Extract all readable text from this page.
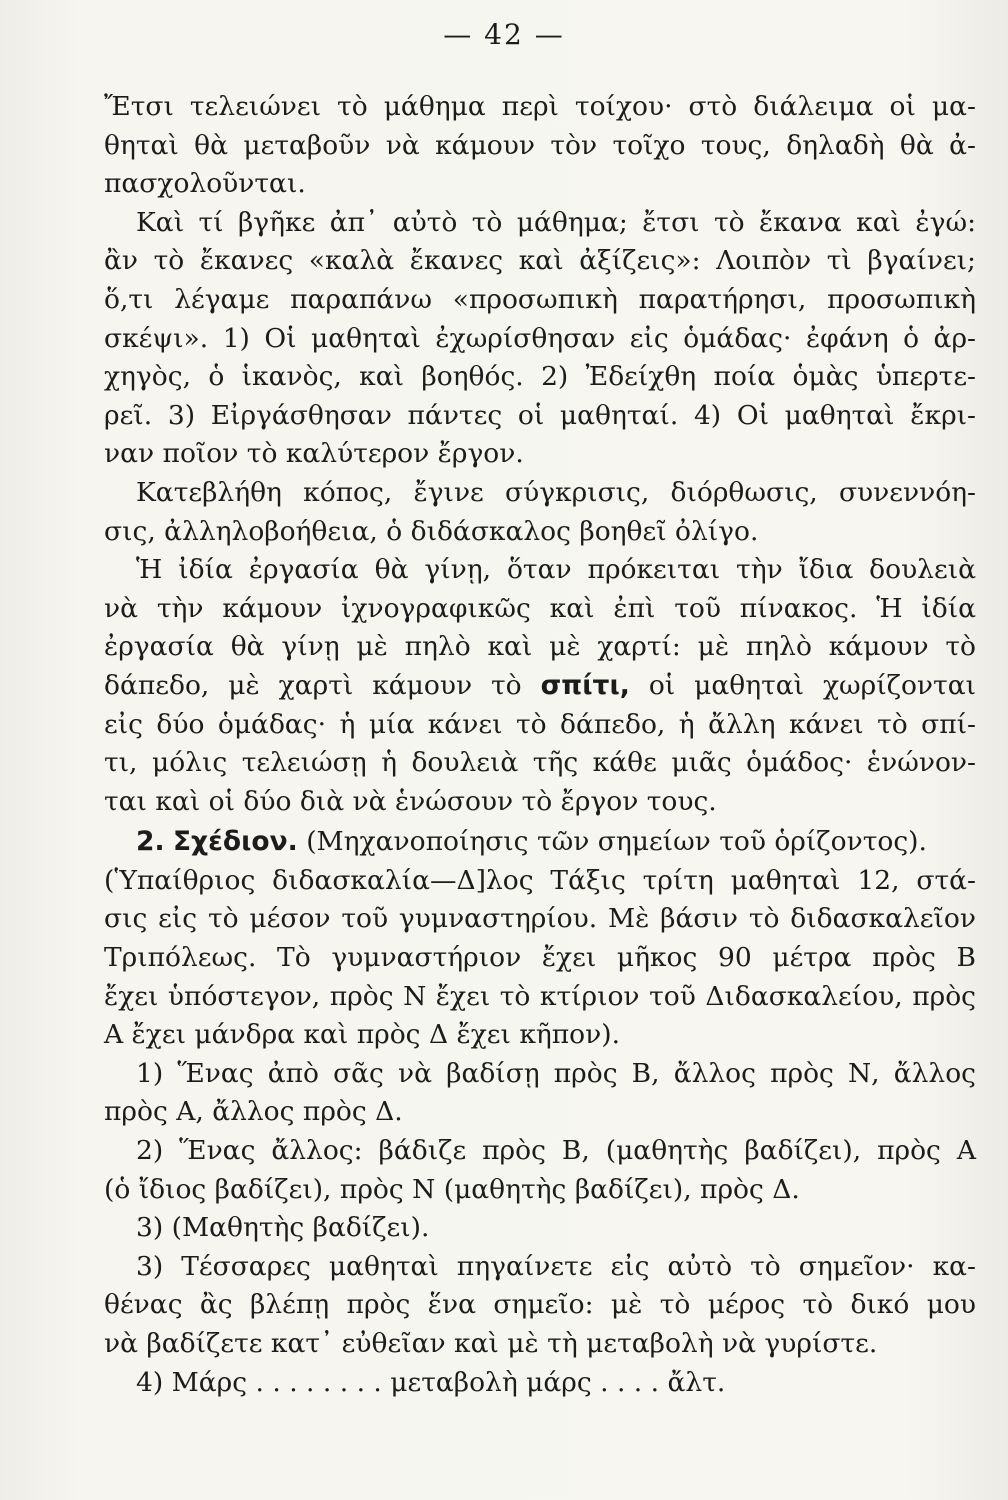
— 42 —
Ἔτσι τελειώνει τὸ μάθημα περὶ τοίχου· στὸ διάλειμα οἱ μα-
θηταὶ θὰ μεταβοῦν νὰ κάμουν τὸν τοῖχο τους, δηλαδὴ θὰ ἀ-
πασχολοῦνται.
Καὶ τί βγῆκε ἀπ᾽ αὐτὸ τὸ μάθημα; ἔτσι τὸ ἔκανα καὶ ἐγώ:
ἂν τὸ ἔκανες «καλὰ ἔκανες καὶ ἀξίζεις»: Λοιπὸν τὶ βγαίνει;
ὅ,τι λέγαμε παραπάνω «προσωπικὴ παρατήρησι, προσωπικὴ
σκέψι». 1) Οἱ μαθηταὶ ἐχωρίσθησαν εἰς ὁμάδας· ἐφάνη ὁ ἀρ-
χηγὸς, ὁ ἱκανὸς, καὶ βοηθός. 2) Ἐδείχθη ποία ὁμὰς ὑπερτε-
ρεῖ. 3) Εἰργάσθησαν πάντες οἱ μαθηταί. 4) Οἱ μαθηταὶ ἔκρι-
ναν ποῖον τὸ καλύτερον ἔργον.
Κατεβλήθη κόπος, ἔγινε σύγκρισις, διόρθωσις, συνεννόη-
σις, ἀλληλοβοήθεια, ὁ διδάσκαλος βοηθεῖ ὀλίγο.
Ἡ ἰδία ἐργασία θὰ γίνῃ, ὅταν πρόκειται τὴν ἴδια δουλειὰ
νὰ τὴν κάμουν ἰχνογραφικῶς καὶ ἐπὶ τοῦ πίνακος. Ἡ ἰδία
ἐργασία θὰ γίνῃ μὲ πηλὸ καὶ μὲ χαρτί: μὲ πηλὸ κάμουν τὸ
δάπεδο, μὲ χαρτὶ κάμουν τὸ σπίτι, οἱ μαθηταὶ χωρίζονται
εἰς δύο ὁμάδας· ἡ μία κάνει τὸ δάπεδο, ἡ ἄλλη κάνει τὸ σπί-
τι, μόλις τελειώσῃ ἡ δουλειὰ τῆς κάθε μιᾶς ὁμάδος· ἑνώνον-
ται καὶ οἱ δύο διὰ νὰ ἑνώσουν τὸ ἔργον τους.
2. Σχέδιον. (Μηχανοποίησις τῶν σημείων τοῦ ὁρίζοντος).
(Ὑπαίθριος διδασκαλία—Δ]λος Τάξις τρίτη μαθηταὶ 12, στά-
σις εἰς τὸ μέσον τοῦ γυμναστηρίου. Μὲ βάσιν τὸ διδασκαλεῖον
Τριπόλεως. Τὸ γυμναστήριον ἔχει μῆκος 90 μέτρα πρὸς Β
ἔχει ὑπόστεγον, πρὸς Ν ἔχει τὸ κτίριον τοῦ Διδασκαλείου, πρὸς
Α ἔχει μάνδρα καὶ πρὸς Δ ἔχει κῆπον).
1) Ἕνας ἀπὸ σᾶς νὰ βαδίσῃ πρὸς Β, ἄλλος πρὸς Ν, ἄλλος
πρὸς Α, ἄλλος πρὸς Δ.
2) Ἕνας ἄλλος: βάδιζε πρὸς Β, (μαθητὴς βαδίζει), πρὸς Α
(ὁ ἴδιος βαδίζει), πρὸς Ν (μαθητὴς βαδίζει), πρὸς Δ.
3) (Μαθητὴς βαδίζει).
3) Τέσσαρες μαθηταὶ πηγαίνετε εἰς αὐτὸ τὸ σημεῖον· κα-
θένας ἂς βλέπῃ πρὸς ἕνα σημεῖο: μὲ τὸ μέρος τὸ δικό μου
νὰ βαδίζετε κατ᾽ εὐθεῖαν καὶ μὲ τὴ μεταβολὴ νὰ γυρίστε.
4) Μάρς . . . . . . . . μεταβολὴ μάρς . . . . ἄλτ.
